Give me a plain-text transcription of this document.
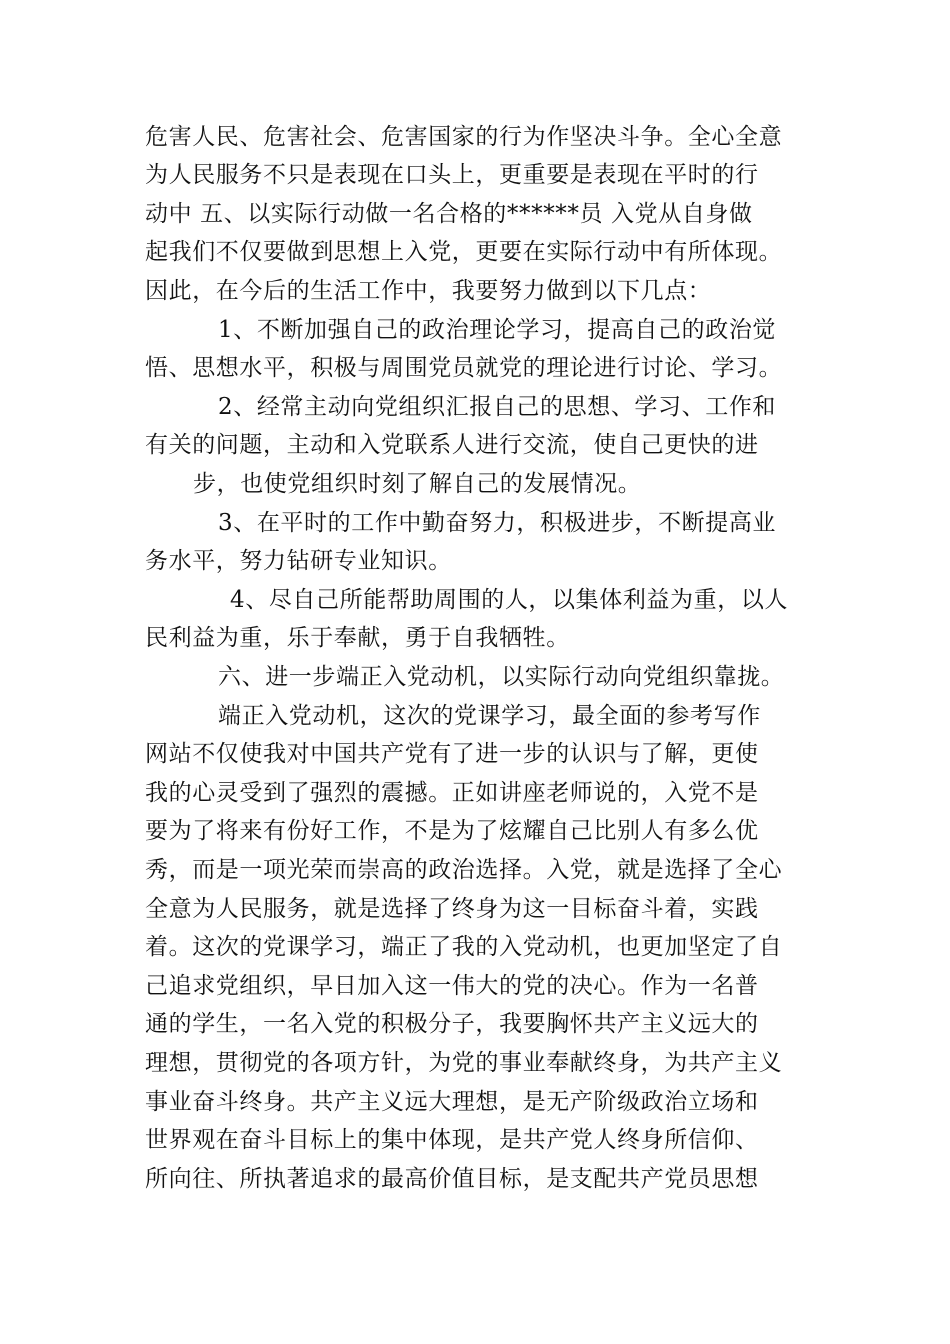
危害人民、危害社会、危害国家的行为作坚决斗争。全心全意
为人民服务不只是表现在口头上，更重要是表现在平时的行
动中 五、以实际行动做一名合格的******员 入党从自身做
起我们不仅要做到思想上入党，更要在实际行动中有所体现。
因此，在今后的生活工作中，我要努力做到以下几点：
1、不断加强自己的政治理论学习，提高自己的政治觉
悟、思想水平，积极与周围党员就党的理论进行讨论、学习。
2、经常主动向党组织汇报自己的思想、学习、工作和
有关的问题，主动和入党联系人进行交流，使自己更快的进
步，也使党组织时刻了解自己的发展情况。
3、在平时的工作中勤奋努力，积极进步，不断提高业
务水平，努力钻研专业知识。
4、尽自己所能帮助周围的人，以集体利益为重，以人
民利益为重，乐于奉献，勇于自我牺牲。
六、进一步端正入党动机，以实际行动向党组织靠拢。
端正入党动机，这次的党课学习，最全面的参考写作
网站不仅使我对中国共产党有了进一步的认识与了解，更使
我的心灵受到了强烈的震撼。正如讲座老师说的，入党不是
要为了将来有份好工作，不是为了炫耀自己比别人有多么优
秀，而是一项光荣而崇高的政治选择。入党，就是选择了全心
全意为人民服务，就是选择了终身为这一目标奋斗着，实践
着。这次的党课学习，端正了我的入党动机，也更加坚定了自
己追求党组织，早日加入这一伟大的党的决心。作为一名普
通的学生，一名入党的积极分子，我要胸怀共产主义远大的
理想，贯彻党的各项方针，为党的事业奉献终身，为共产主义
事业奋斗终身。共产主义远大理想，是无产阶级政治立场和
世界观在奋斗目标上的集中体现，是共产党人终身所信仰、
所向往、所执著追求的最高价值目标，是支配共产党员思想
